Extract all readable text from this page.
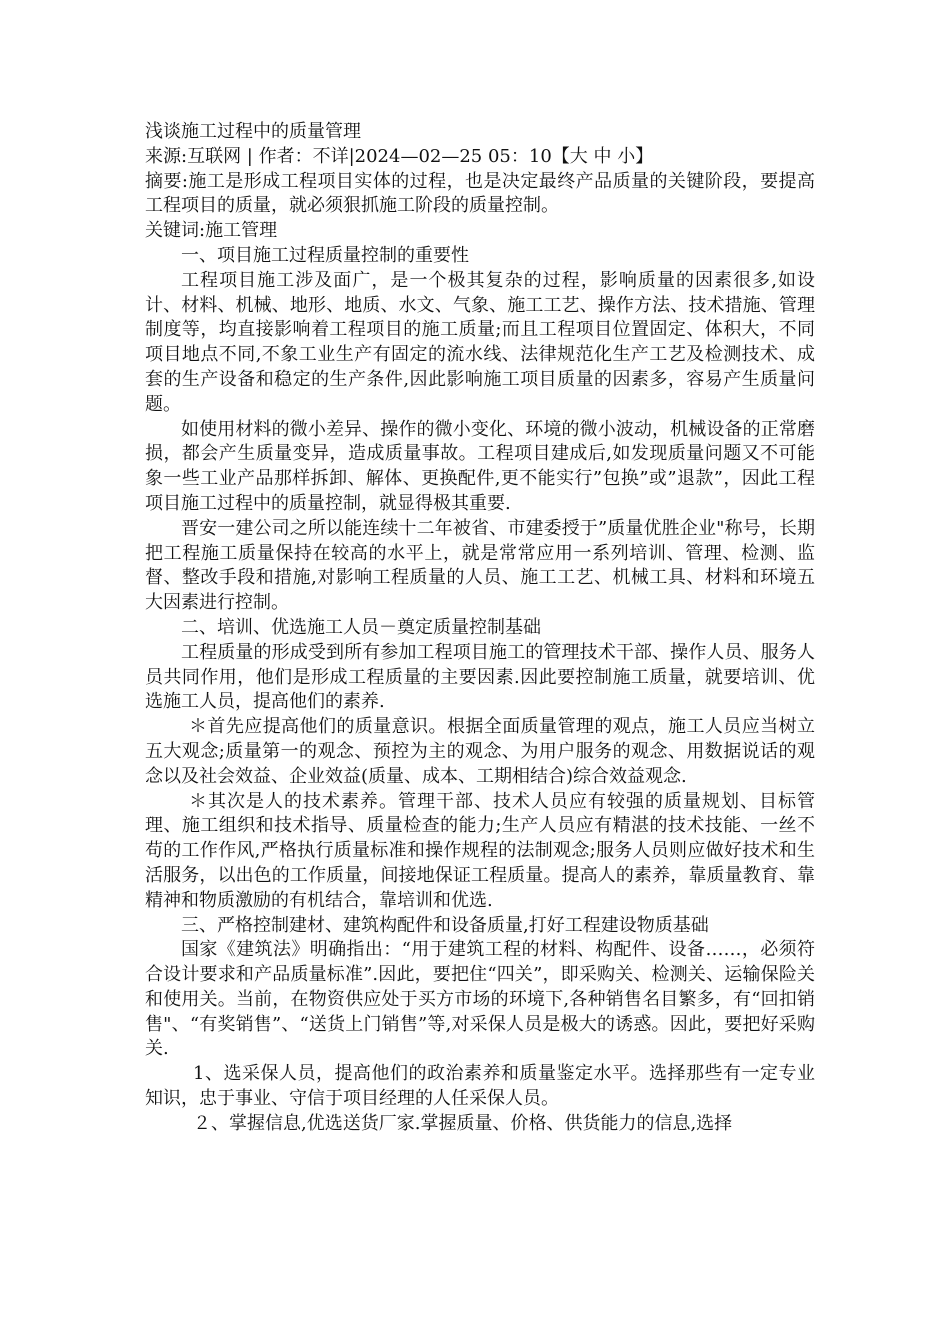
浅谈施工过程中的质量管理
来源:互联网 | 作者：不详|2024—02—25 05：10【大 中 小】

摘要:施工是形成工程项目实体的过程，也是决定最终产品质量的关键阶段，要提高工程项目的质量，就必须狠抓施工阶段的质量控制。

关键词:施工管理

一、项目施工过程质量控制的重要性

工程项目施工涉及面广，是一个极其复杂的过程，影响质量的因素很多,如设计、材料、机械、地形、地质、水文、气象、施工工艺、操作方法、技术措施、管理制度等，均直接影响着工程项目的施工质量;而且工程项目位置固定、体积大，不同项目地点不同,不象工业生产有固定的流水线、法律规范化生产工艺及检测技术、成套的生产设备和稳定的生产条件,因此影响施工项目质量的因素多，容易产生质量问题。

如使用材料的微小差异、操作的微小变化、环境的微小波动，机械设备的正常磨损，都会产生质量变异，造成质量事故。工程项目建成后,如发现质量问题又不可能象一些工业产品那样拆卸、解体、更换配件,更不能实行”包换”或”退款”，因此工程项目施工过程中的质量控制，就显得极其重要.

晋安一建公司之所以能连续十二年被省、市建委授于”质量优胜企业"称号，长期把工程施工质量保持在较高的水平上，就是常常应用一系列培训、管理、检测、监督、整改手段和措施,对影响工程质量的人员、施工工艺、机械工具、材料和环境五大因素进行控制。

二、培训、优选施工人员－奠定质量控制基础

工程质量的形成受到所有参加工程项目施工的管理技术干部、操作人员、服务人员共同作用，他们是形成工程质量的主要因素.因此要控制施工质量，就要培训、优选施工人员，提高他们的素养.

＊首先应提高他们的质量意识。根据全面质量管理的观点，施工人员应当树立五大观念;质量第一的观念、预控为主的观念、为用户服务的观念、用数据说话的观念以及社会效益、企业效益(质量、成本、工期相结合)综合效益观念.

＊其次是人的技术素养。管理干部、技术人员应有较强的质量规划、目标管理、施工组织和技术指导、质量检查的能力;生产人员应有精湛的技术技能、一丝不苟的工作作风,严格执行质量标准和操作规程的法制观念;服务人员则应做好技术和生活服务，以出色的工作质量，间接地保证工程质量。提高人的素养，靠质量教育、靠精神和物质激励的有机结合，靠培训和优选.

三、严格控制建材、建筑构配件和设备质量,打好工程建设物质基础

国家《建筑法》明确指出：“用于建筑工程的材料、构配件、设备……，必须符合设计要求和产品质量标准”.因此，要把住“四关”，即采购关、检测关、运输保险关和使用关。当前，在物资供应处于买方市场的环境下,各种销售名目繁多，有“回扣销售"、“有奖销售”、“送货上门销售”等,对采保人员是极大的诱惑。因此，要把好采购关.

1、选采保人员，提高他们的政治素养和质量鉴定水平。选择那些有一定专业知识，忠于事业、守信于项目经理的人任采保人员。

２、掌握信息,优选送货厂家.掌握质量、价格、供货能力的信息,选择
